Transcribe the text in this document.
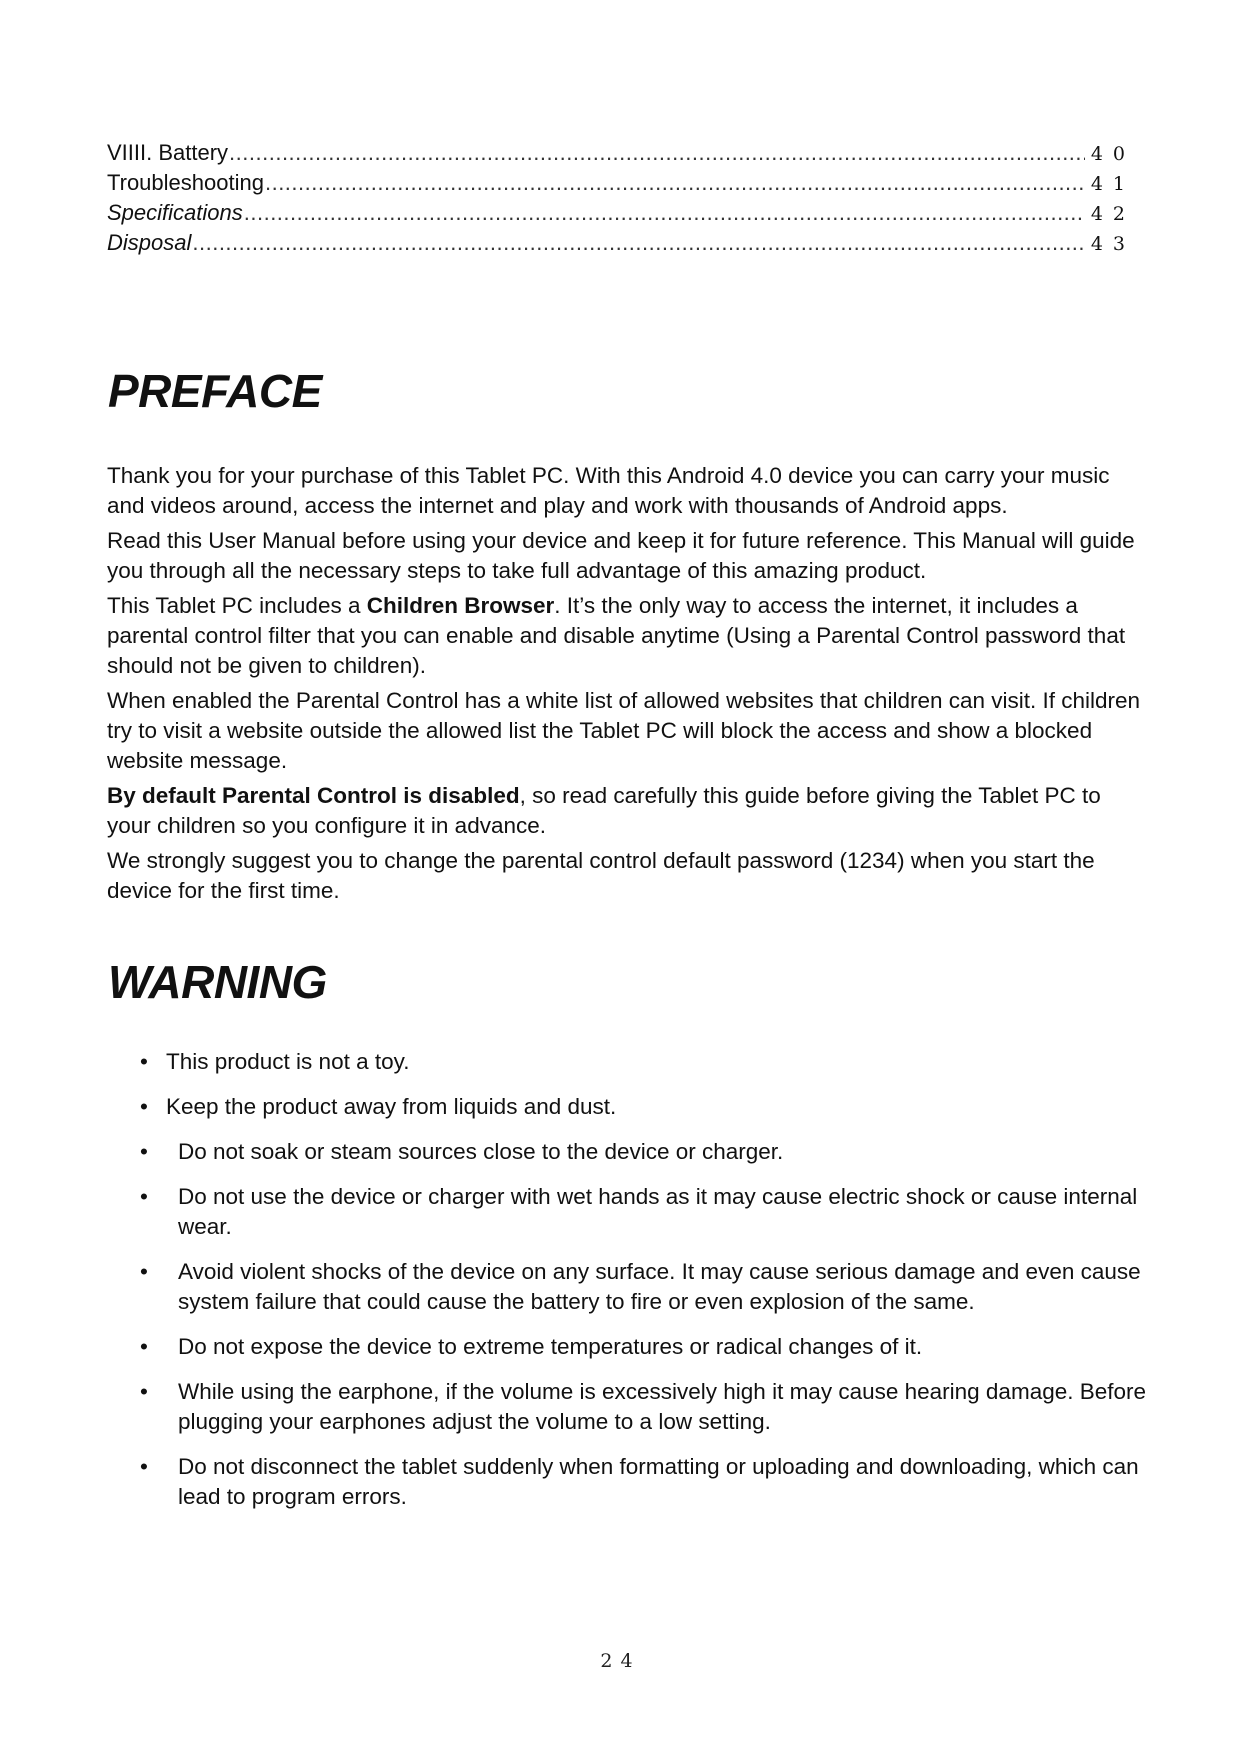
VIIII. Battery .....	40
Troubleshooting .....	41
Specifications .....	42
Disposal .....	43
PREFACE

Thank you for your purchase of this Tablet PC. With this Android 4.0 device you can carry your music and videos around, access the internet and play and work with thousands of Android apps.

Read this User Manual before using your device and keep it for future reference. This Manual will guide you through all the necessary steps to take full advantage of this amazing product.

This Tablet PC includes a Children Browser. It’s the only way to access the internet, it includes a parental control filter that you can enable and disable anytime (Using a Parental Control password that should not be given to children).

When enabled the Parental Control has a white list of allowed websites that children can visit. If children try to visit a website outside the allowed list the Tablet PC will block the access and show a blocked website message.

By default Parental Control is disabled, so read carefully this guide before giving the Tablet PC to your children so you configure it in advance.

We strongly suggest you to change the parental control default password (1234) when you start the device for the first time.

WARNING
• This product is not a toy.
• Keep the product away from liquids and dust.
•	Do not soak or steam sources close to the device or charger.
•	Do not use the device or charger with wet hands as it may cause electric shock or cause internal wear.
•	Avoid violent shocks of the device on any surface. It may cause serious damage and even cause system failure that could cause the battery to fire or even explosion of the same.
•	Do not expose the device to extreme temperatures or radical changes of it.
•	While using the earphone, if the volume is excessively high it may cause hearing damage. Before plugging your earphones adjust the volume to a low setting.
•	Do not disconnect the tablet suddenly when formatting or uploading and downloading, which can lead to program errors.
24
